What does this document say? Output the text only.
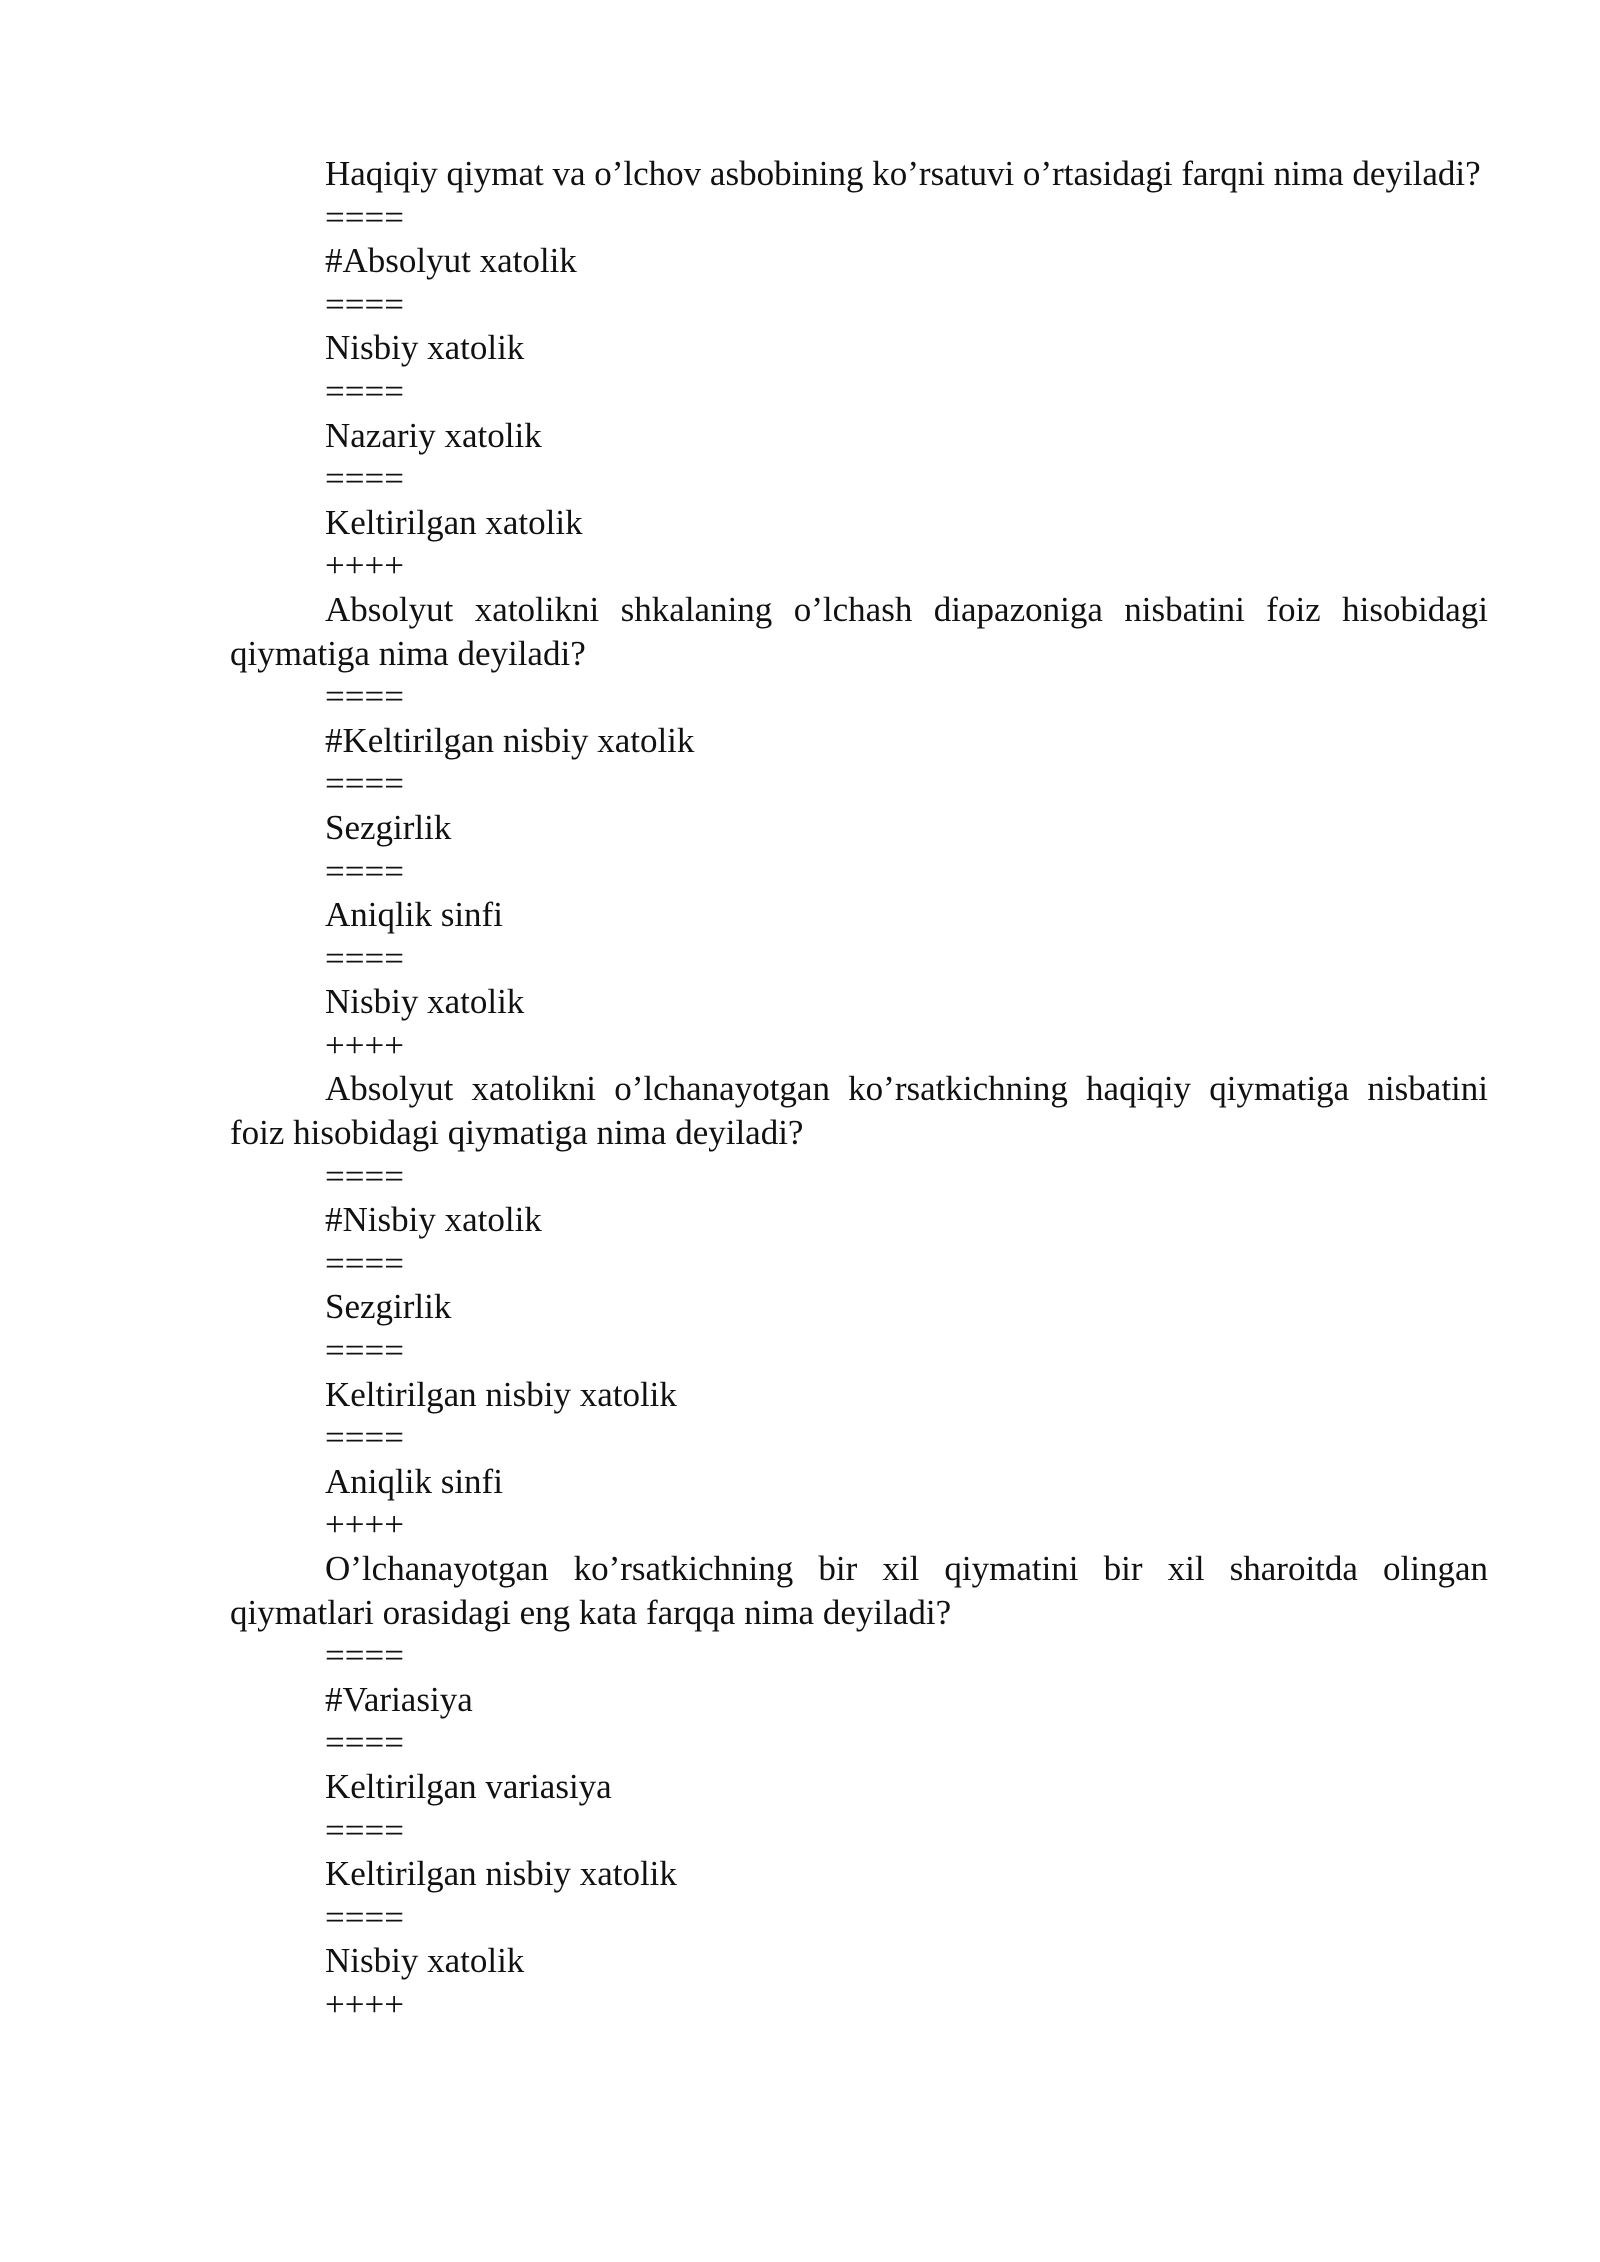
Haqiqiy qiymat va o’lchov asbobining ko’rsatuvi o’rtasidagi farqni nima deyiladi?
====
#Absolyut xatolik
====
Nisbiy xatolik
====
Nazariy xatolik
====
Keltirilgan xatolik
++++
Absolyut xatolikni shkalaning o’lchash diapazoniga nisbatini foiz hisobidagi qiymatiga nima deyiladi?
====
#Keltirilgan nisbiy xatolik
====
Sezgirlik
====
Aniqlik sinfi
====
Nisbiy xatolik
++++
Absolyut xatolikni o’lchanayotgan ko’rsatkichning haqiqiy qiymatiga nisbatini foiz hisobidagi qiymatiga nima deyiladi?
====
#Nisbiy xatolik
====
Sezgirlik
====
Keltirilgan nisbiy xatolik
====
Aniqlik sinfi
++++
O’lchanayotgan ko’rsatkichning bir xil qiymatini bir xil sharoitda olingan qiymatlari orasidagi eng kata farqqa nima deyiladi?
====
#Variasiya
====
Keltirilgan variasiya
====
Keltirilgan nisbiy xatolik
====
Nisbiy xatolik
++++
